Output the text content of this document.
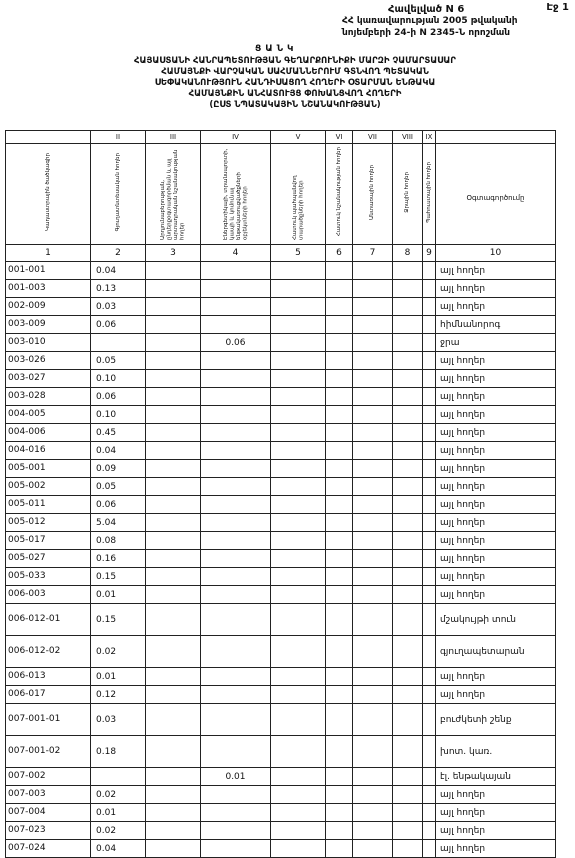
Էջ 1
Հավելված N 6
ՀՀ կառավարության 2005 թվականի
նոյեմբերի 24-ի N 2345-Ն որոշման
ՑԱՆԿ
ՀԱՅԱՍՏԱՆԻ ՀԱՆՐԱՊԵՏՈՒԹՅԱՆ ԳԵՂԱՐՔՈՒՆԻՔԻ ՄԱՐԶԻ ՉԱՄԱՐՏԱՍԱՐ
ՀԱՄԱՅՆՔԻ ՎԱՐՉԱԿԱՆ ՍԱՀՄԱՆՆԵՐՈՒՄ ԳՏՆՎՈՂ ՊԵՏԱԿԱՆ
ՍԵՓԱԿԱՆՈՒԹՅՈՒՆ ՀԱՆԴԻՍԱՑՈՂ ՀՈՂԵՐԻ ՕՏԱՐՄԱՆ ԵՆԹԱԿԱ
ՀԱՄԱՅՆՔԻՆ ԱՆՀԱՏՈՒՅՑ ՓՈԽԱՆՑՎՈՂ ՀՈՂԵՐԻ
(ԸՍՏ ՆՊԱՏԱԿԱՅԻՆ ՆՇԱՆԱԿՈՒԹՅԱՆ)
	II	III	IV	V	VI	VII	VIII	IX	
Կադաստրային ծածկագիր	Գյուղատնտեսական հողեր	Արդյունաբերության, ընդերքօգտագործման և այլ արտադրական նշանակության հողեր	Էներգետիկայի, տրանսպորտի, կապի և կոմունալ ենթակառուցվածքների օբյեկտների հողեր	Հատուկ պահպանվող տարածքների հողեր	Հատուկ նշանակության հողեր	Անտառային հողեր	Ջրային հողեր	Պահուստային հողեր	Օգտագործումը
1	2	3	4	5	6	7	8	9	10
001-001	0.04								այլ հողեր
001-003	0.13								այլ հողեր
002-009	0.03								այլ հողեր
003-009	0.06								հիմնանորոգ
003-010			0.06						ջրա
003-026	0.05								այլ հողեր
003-027	0.10								այլ հողեր
003-028	0.06								այլ հողեր
004-005	0.10								այլ հողեր
004-006	0.45								այլ հողեր
004-016	0.04								այլ հողեր
005-001	0.09								այլ հողեր
005-002	0.05								այլ հողեր
005-011	0.06								այլ հողեր
005-012	5.04								այլ հողեր
005-017	0.08								այլ հողեր
005-027	0.16								այլ հողեր
005-033	0.15								այլ հողեր
006-003	0.01								այլ հողեր
006-012-01	0.15								մշակույթի տուն
006-012-02	0.02								գյուղապետարան
006-013	0.01								այլ հողեր
006-017	0.12								այլ հողեր
007-001-01	0.03								բուժկետի շենք
007-001-02	0.18								խոտ. կառ.
007-002			0.01						էլ. ենթակայան
007-003	0.02								այլ հողեր
007-004	0.01								այլ հողեր
007-023	0.02								այլ հողեր
007-024	0.04								այլ հողեր
